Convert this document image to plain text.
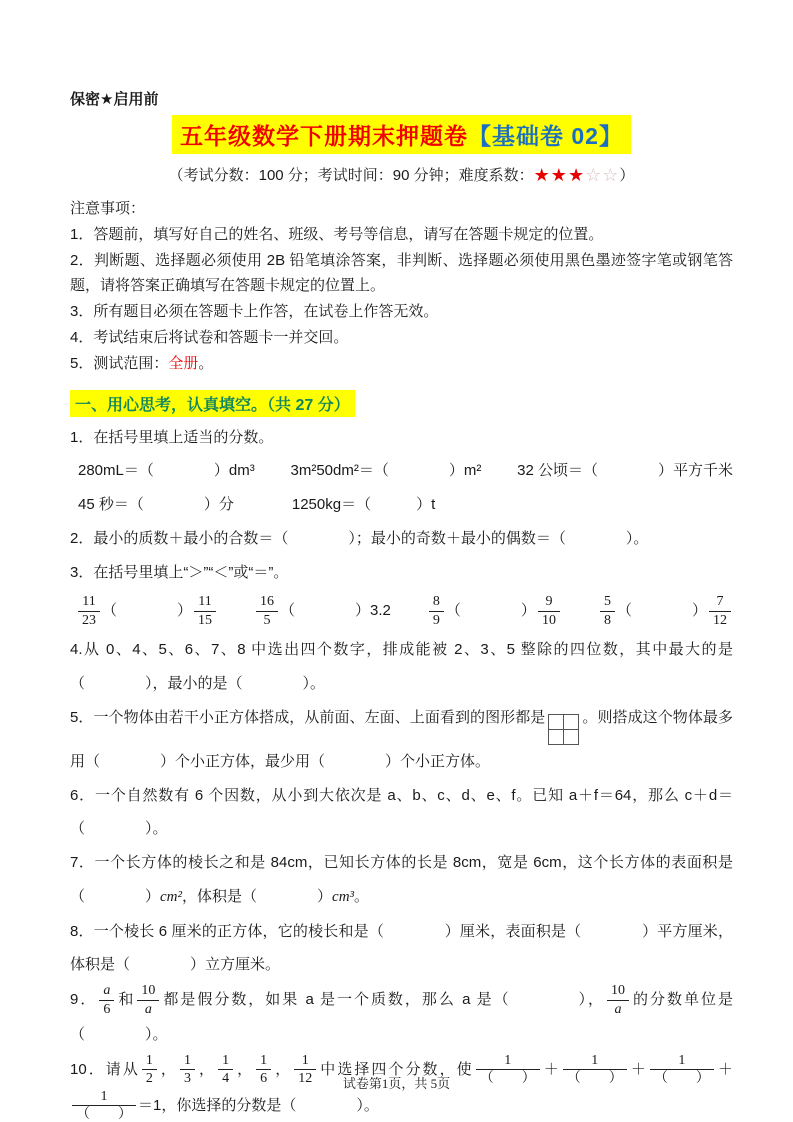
保密★启用前
五年级数学下册期末押题卷【基础卷 02】
（考试分数：100 分；考试时间：90 分钟；难度系数：★★★☆☆）
注意事项：
1．答题前，填写好自己的姓名、班级、考号等信息，请写在答题卡规定的位置。
2．判断题、选择题必须使用 2B 铅笔填涂答案，非判断、选择题必须使用黑色墨迹签字笔或钢笔答题，请将答案正确填写在答题卡规定的位置上。
3．所有题目必须在答题卡上作答，在试卷上作答无效。
4．考试结束后将试卷和答题卡一并交回。
5．测试范围：全册。
一、用心思考，认真填空。（共 27 分）
1．在括号里填上适当的分数。
280mL＝（　　　　）dm³ 3m²50dm²＝（　　　　）m² 32 公顷＝（　　　　）平方千米
45 秒＝（　　　　）分	1250kg＝（　　　）t
2．最小的质数＋最小的合数＝（　　　　）；最小的奇数＋最小的偶数＝（　　　　）。
3．在括号里填上“＞”“＜”或“＝”。
$\frac{11}{23}$ （　　　　） $\frac{11}{15}$	$\frac{16}{5}$ （　　　　）3.2	$\frac{8}{9}$ （　　　　） $\frac{9}{10}$	$\frac{5}{8}$ （　　　　） $\frac{7}{12}$
4.从 0、4、5、6、7、8 中选出四个数字，排成能被 2、3、5 整除的四位数，其中最大的是（　　　　），最小的是（　　　　）。
5．一个物体由若干小正方体搭成，从前面、左面、上面看到的图形都是 。则搭成这个物体最多用（　　　　）个小正方体，最少用（　　　　）个小正方体。
6．一个自然数有 6 个因数，从小到大依次是 a、b、c、d、e、f。已知 a＋f＝64，那么 c＋d＝（　　　　）。
7．一个长方体的棱长之和是 84cm，已知长方体的长是 8cm，宽是 6cm，这个长方体的表面积是（　　　　）cm²，体积是（　　　　）cm³。
8．一个棱长 6 厘米的正方体，它的棱长和是（　　　　）厘米，表面积是（　　　　）平方厘米，体积是（　　　　）立方厘米。
9． $\frac{a}{6}$ 和 $\frac{10}{a}$ 都是假分数，如果 a 是一个质数，那么 a 是（　　　　）， $\frac{10}{a}$ 的分数单位是（　　　　）。
10．请从 $\frac{1}{2}$ ， $\frac{1}{3}$ ， $\frac{1}{4}$ ， $\frac{1}{6}$ ， $\frac{1}{12}$ 中选择四个分数，使 $\frac{1}{( )} + \frac{1}{( )} + \frac{1}{( )}$ ＋
$\frac{1}{( )} =1$，你选择的分数是（　　　　）。
试卷第1页，共 5页
